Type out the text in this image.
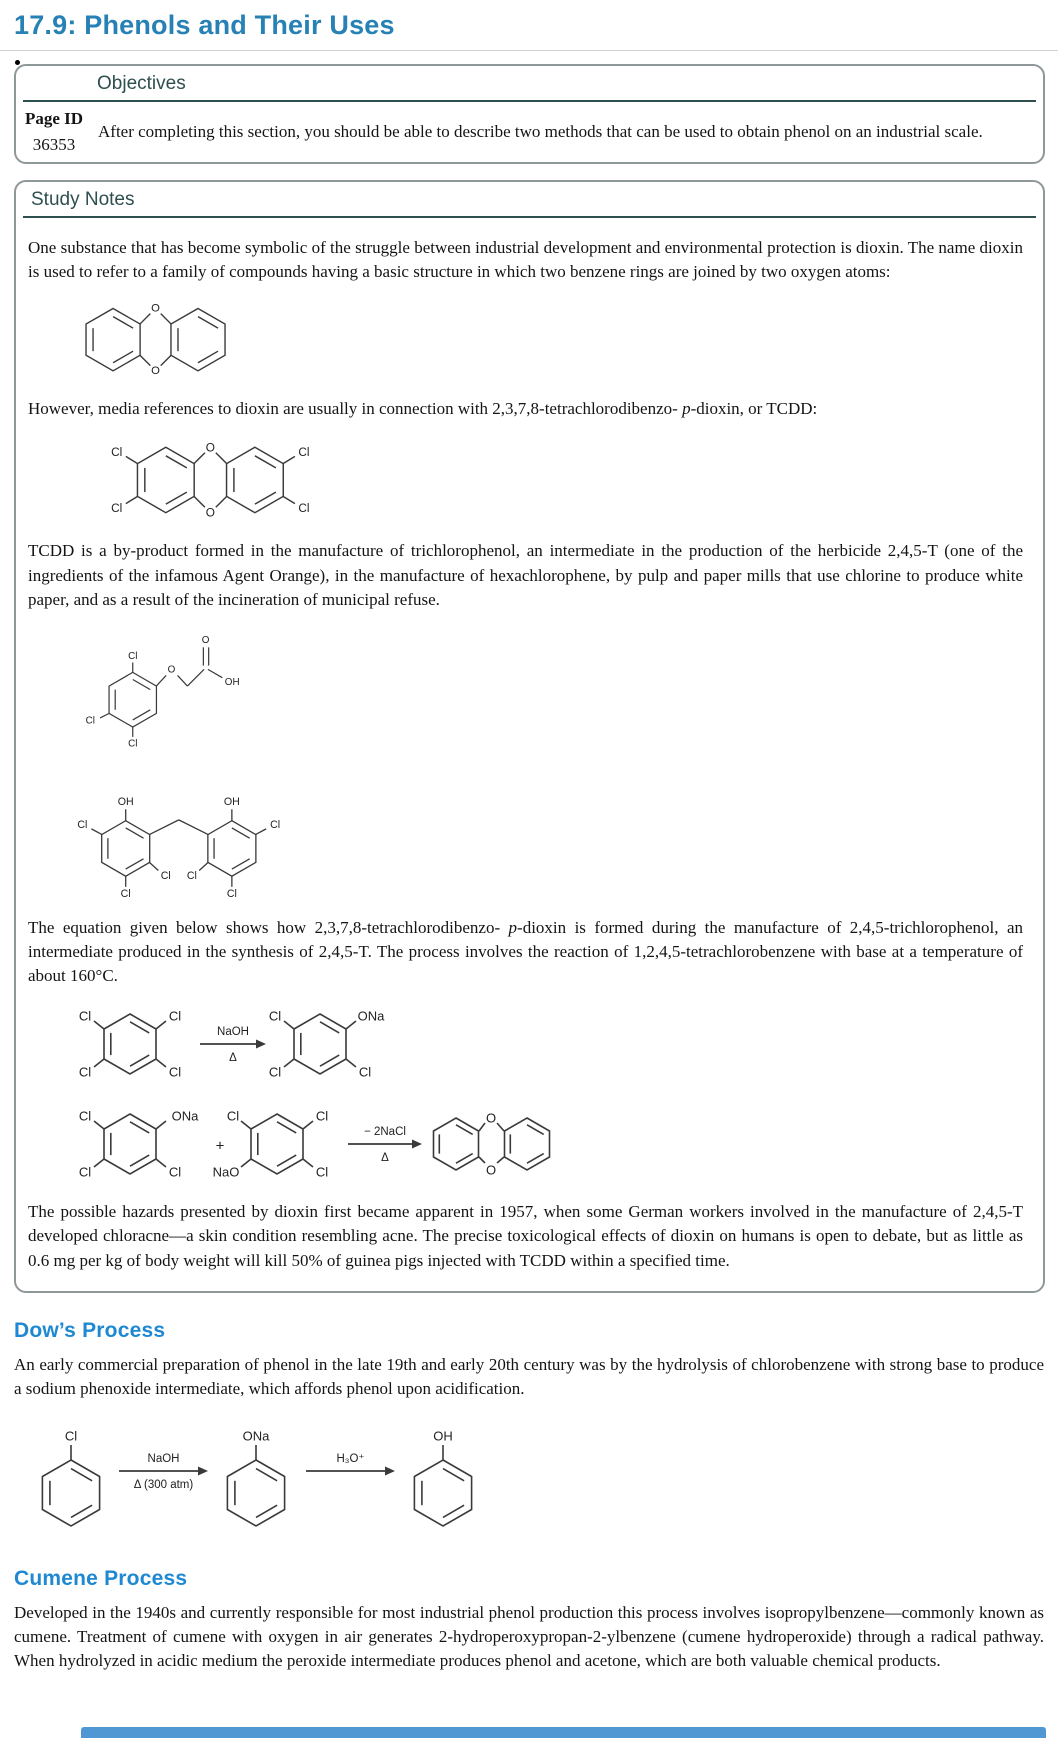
17.9: Phenols and Their Uses
Objectives
Page ID
36353

After completing this section, you should be able to describe two methods that can be used to obtain phenol on an industrial scale.

Study Notes

One substance that has become symbolic of the struggle between industrial development and environmental protection is dioxin. The name dioxin is used to refer to a family of compounds having a basic structure in which two benzene rings are joined by two oxygen atoms:

O
O

However, media references to dioxin are usually in connection with 2,3,7,8-tetrachlorodibenzo- p-dioxin, or TCDD:

O
O
Cl
Cl
Cl
Cl

TCDD is a by-product formed in the manufacture of trichlorophenol, an intermediate in the production of the herbicide 2,4,5-T (one of the ingredients of the infamous Agent Orange), in the manufacture of hexachlorophene, by pulp and paper mills that use chlorine to produce white paper, and as a result of the incineration of municipal refuse.

Cl
O
O
OH
Cl
Cl
OH	OH
Cl	Cl
Cl	Cl
Cl Cl

The equation given below shows how 2,3,7,8-tetrachlorodibenzo- p-dioxin is formed during the manufacture of 2,4,5-trichlorophenol, an intermediate produced in the synthesis of 2,4,5-T. The process involves the reaction of 1,2,4,5-tetrachlorobenzene with base at a temperature of about 160°C.

NaOH
Δ
Cl	Cl
Cl	Cl
Cl	ONa
Cl	Cl
− 2NaCl
Δ
Cl	ONa
Cl	Cl
+
Cl	Cl
NaO	Cl
O
O

The possible hazards presented by dioxin first became apparent in 1957, when some German workers involved in the manufacture of 2,4,5-T developed chloracne—a skin condition resembling acne. The precise toxicological effects of dioxin on humans is open to debate, but as little as 0.6 mg per kg of body weight will kill 50% of guinea pigs injected with TCDD within a specified time.

Dow’s Process

An early commercial preparation of phenol in the late 19th and early 20th century was by the hydrolysis of chlorobenzene with strong base to produce a sodium phenoxide intermediate, which affords phenol upon acidification.

NaOH
Δ (300 atm)
H₃O⁺
Cl	ONa	OH
Cumene Process

Developed in the 1940s and currently responsible for most industrial phenol production this process involves isopropylbenzene—commonly known as cumene. Treatment of cumene with oxygen in air generates 2-hydroperoxypropan-2-ylbenzene (cumene hydroperoxide) through a radical pathway. When hydrolyzed in acidic medium the peroxide intermediate produces phenol and acetone, which are both valuable chemical products.
